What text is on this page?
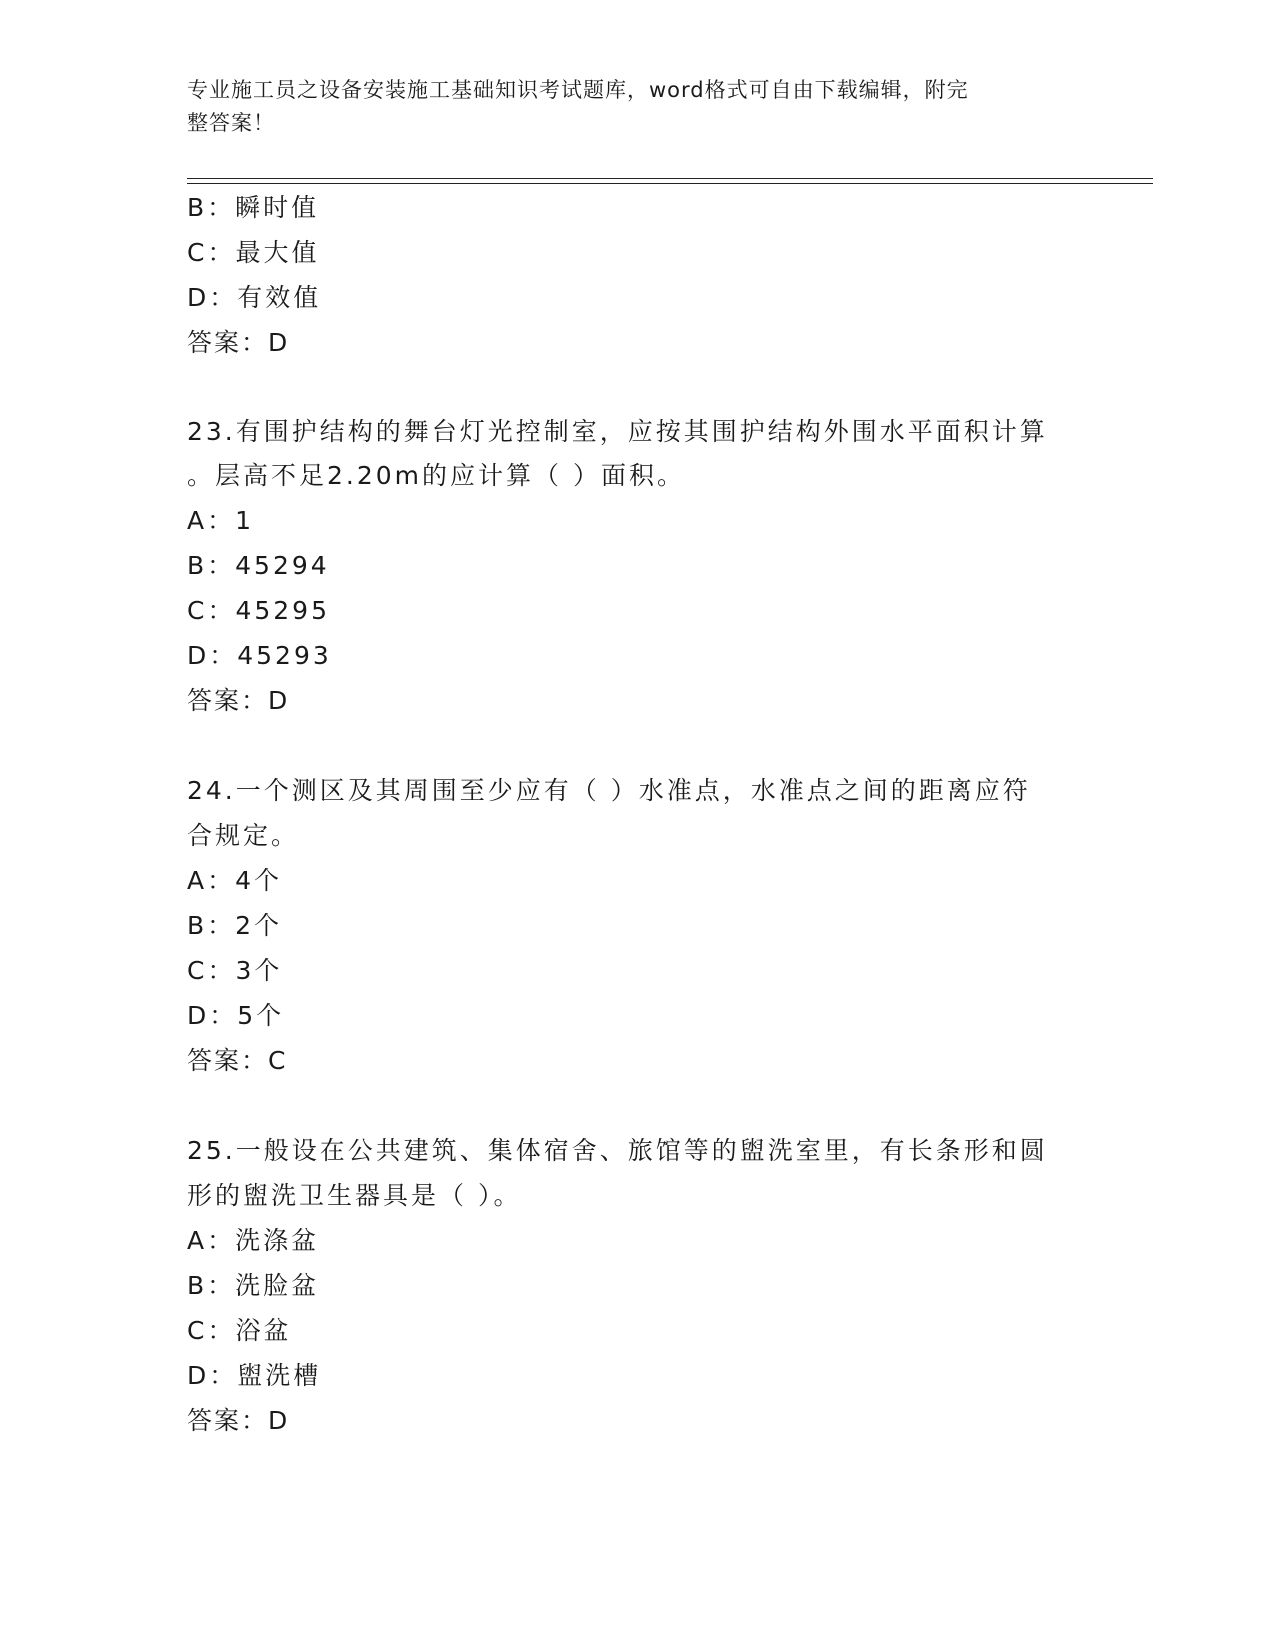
专业施工员之设备安装施工基础知识考试题库，word格式可自由下载编辑，附完
整答案！
B：瞬时值
C：最大值
D：有效值
答案：D
23.有围护结构的舞台灯光控制室，应按其围护结构外围水平面积计算
。层高不足2.20m的应计算（ ）面积。
A：1
B：45294
C：45295
D：45293
答案：D
24.一个测区及其周围至少应有（ ）水准点，水准点之间的距离应符
合规定。
A：4个
B：2个
C：3个
D：5个
答案：C
25.一般设在公共建筑、集体宿舍、旅馆等的盥洗室里，有长条形和圆
形的盥洗卫生器具是（ ）。
A：洗涤盆
B：洗脸盆
C：浴盆
D：盥洗槽
答案：D
